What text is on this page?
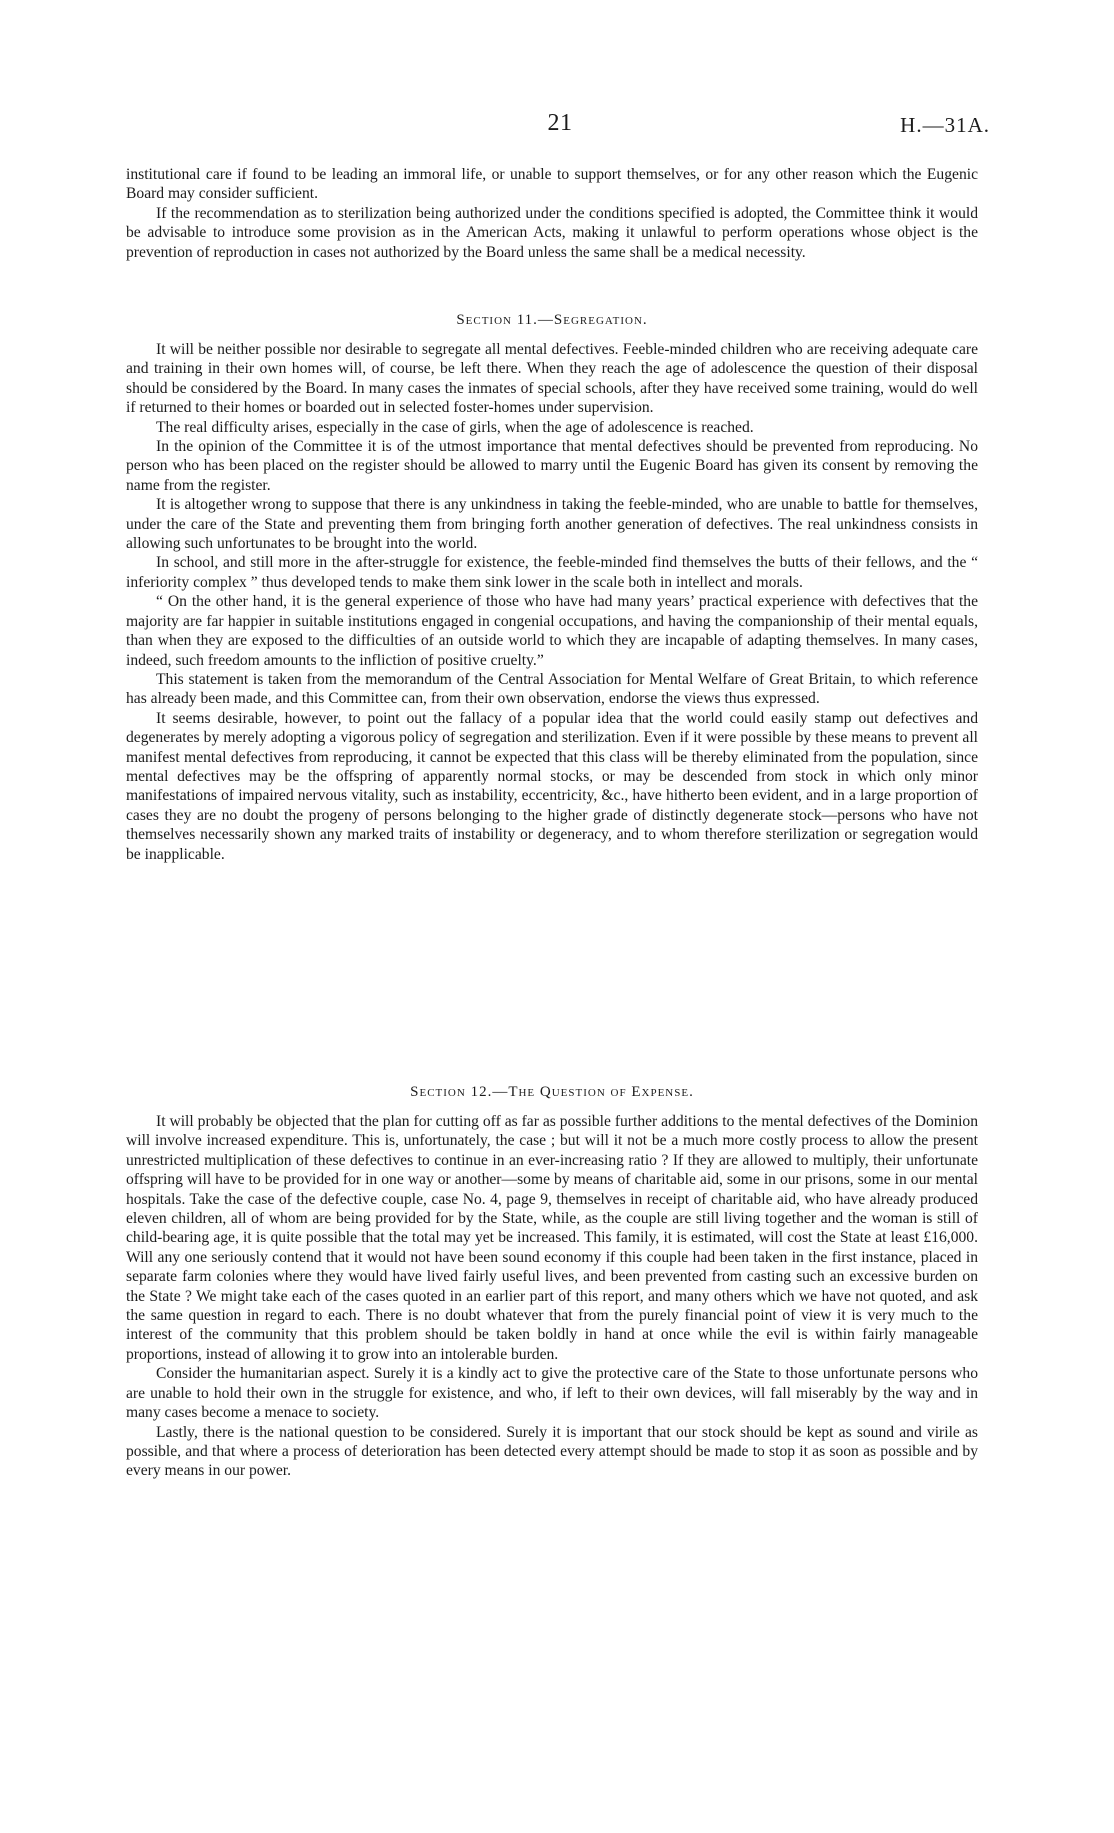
21	H.—31A.

institutional care if found to be leading an immoral life, or unable to support themselves, or for any other reason which the Eugenic Board may consider sufficient.

If the recommendation as to sterilization being authorized under the conditions specified is adopted, the Committee think it would be advisable to introduce some provision as in the American Acts, making it unlawful to perform operations whose object is the prevention of reproduction in cases not authorized by the Board unless the same shall be a medical necessity.

Section 11.—Segregation.

It will be neither possible nor desirable to segregate all mental defectives. Feeble-minded children who are receiving adequate care and training in their own homes will, of course, be left there. When they reach the age of adolescence the question of their disposal should be considered by the Board. In many cases the inmates of special schools, after they have received some training, would do well if returned to their homes or boarded out in selected foster-homes under supervision.

The real difficulty arises, especially in the case of girls, when the age of adolescence is reached.

In the opinion of the Committee it is of the utmost importance that mental defectives should be prevented from reproducing. No person who has been placed on the register should be allowed to marry until the Eugenic Board has given its consent by removing the name from the register.

It is altogether wrong to suppose that there is any unkindness in taking the feeble-minded, who are unable to battle for themselves, under the care of the State and preventing them from bringing forth another generation of defectives. The real unkindness consists in allowing such unfortunates to be brought into the world.

In school, and still more in the after-struggle for existence, the feeble-minded find themselves the butts of their fellows, and the “ inferiority complex ” thus developed tends to make them sink lower in the scale both in intellect and morals.

“ On the other hand, it is the general experience of those who have had many years’ practical experience with defectives that the majority are far happier in suitable institutions engaged in congenial occupations, and having the companionship of their mental equals, than when they are exposed to the difficulties of an outside world to which they are incapable of adapting themselves. In many cases, indeed, such freedom amounts to the infliction of positive cruelty.”

This statement is taken from the memorandum of the Central Association for Mental Welfare of Great Britain, to which reference has already been made, and this Committee can, from their own observation, endorse the views thus expressed.

It seems desirable, however, to point out the fallacy of a popular idea that the world could easily stamp out defectives and degenerates by merely adopting a vigorous policy of segregation and sterilization. Even if it were possible by these means to prevent all manifest mental defectives from reproducing, it cannot be expected that this class will be thereby eliminated from the population, since mental defectives may be the offspring of apparently normal stocks, or may be descended from stock in which only minor manifestations of impaired nervous vitality, such as instability, eccentricity, &c., have hitherto been evident, and in a large proportion of cases they are no doubt the progeny of persons belonging to the higher grade of distinctly degenerate stock—persons who have not themselves necessarily shown any marked traits of instability or degeneracy, and to whom therefore sterilization or segregation would be inapplicable.

Section 12.—The Question of Expense.

It will probably be objected that the plan for cutting off as far as possible further additions to the mental defectives of the Dominion will involve increased expenditure. This is, unfortunately, the case ; but will it not be a much more costly process to allow the present unrestricted multiplication of these defectives to continue in an ever-increasing ratio ? If they are allowed to multiply, their unfortunate offspring will have to be provided for in one way or another—some by means of charitable aid, some in our prisons, some in our mental hospitals. Take the case of the defective couple, case No. 4, page 9, themselves in receipt of charitable aid, who have already produced eleven children, all of whom are being provided for by the State, while, as the couple are still living together and the woman is still of child-bearing age, it is quite possible that the total may yet be increased. This family, it is estimated, will cost the State at least £16,000. Will any one seriously contend that it would not have been sound economy if this couple had been taken in the first instance, placed in separate farm colonies where they would have lived fairly useful lives, and been prevented from casting such an excessive burden on the State ? We might take each of the cases quoted in an earlier part of this report, and many others which we have not quoted, and ask the same question in regard to each. There is no doubt whatever that from the purely financial point of view it is very much to the interest of the community that this problem should be taken boldly in hand at once while the evil is within fairly manageable proportions, instead of allowing it to grow into an intolerable burden.

Consider the humanitarian aspect. Surely it is a kindly act to give the protective care of the State to those unfortunate persons who are unable to hold their own in the struggle for existence, and who, if left to their own devices, will fall miserably by the way and in many cases become a menace to society.

Lastly, there is the national question to be considered. Surely it is important that our stock should be kept as sound and virile as possible, and that where a process of deterioration has been detected every attempt should be made to stop it as soon as possible and by every means in our power.
